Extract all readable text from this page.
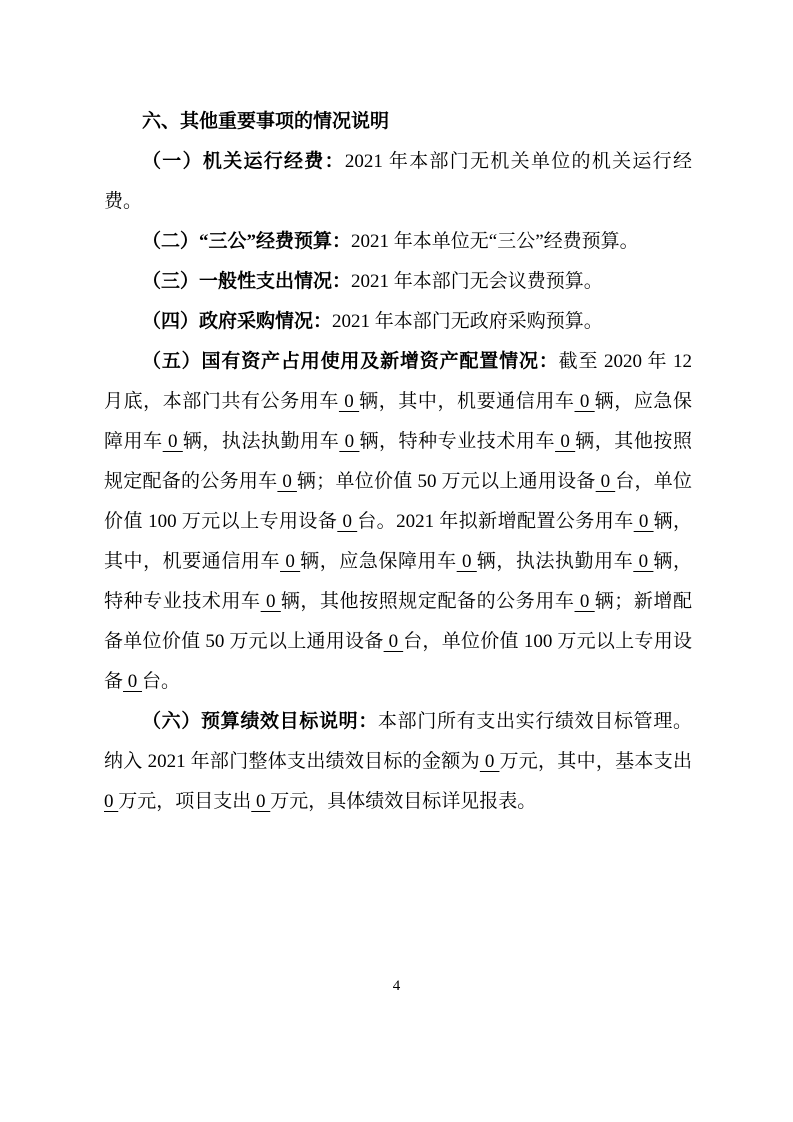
六、其他重要事项的情况说明

（一）机关运行经费：2021 年本部门无机关单位的机关运行经费。

（二）“三公”经费预算：2021 年本单位无“三公”经费预算。

（三）一般性支出情况：2021 年本部门无会议费预算。

（四）政府采购情况：2021 年本部门无政府采购预算。

（五）国有资产占用使用及新增资产配置情况：截至 2020 年 12 月底，本部门共有公务用车 0 辆，其中，机要通信用车 0 辆，应急保障用车 0 辆，执法执勤用车 0 辆，特种专业技术用车 0 辆，其他按照规定配备的公务用车 0 辆；单位价值 50 万元以上通用设备 0 台，单位价值 100 万元以上专用设备 0 台。2021 年拟新增配置公务用车 0 辆，其中，机要通信用车 0 辆，应急保障用车 0 辆，执法执勤用车 0 辆，特种专业技术用车 0 辆，其他按照规定配备的公务用车 0 辆；新增配备单位价值 50 万元以上通用设备 0 台，单位价值 100 万元以上专用设备 0 台。

（六）预算绩效目标说明：本部门所有支出实行绩效目标管理。纳入 2021 年部门整体支出绩效目标的金额为 0 万元，其中，基本支出 0 万元，项目支出 0 万元，具体绩效目标详见报表。

4
